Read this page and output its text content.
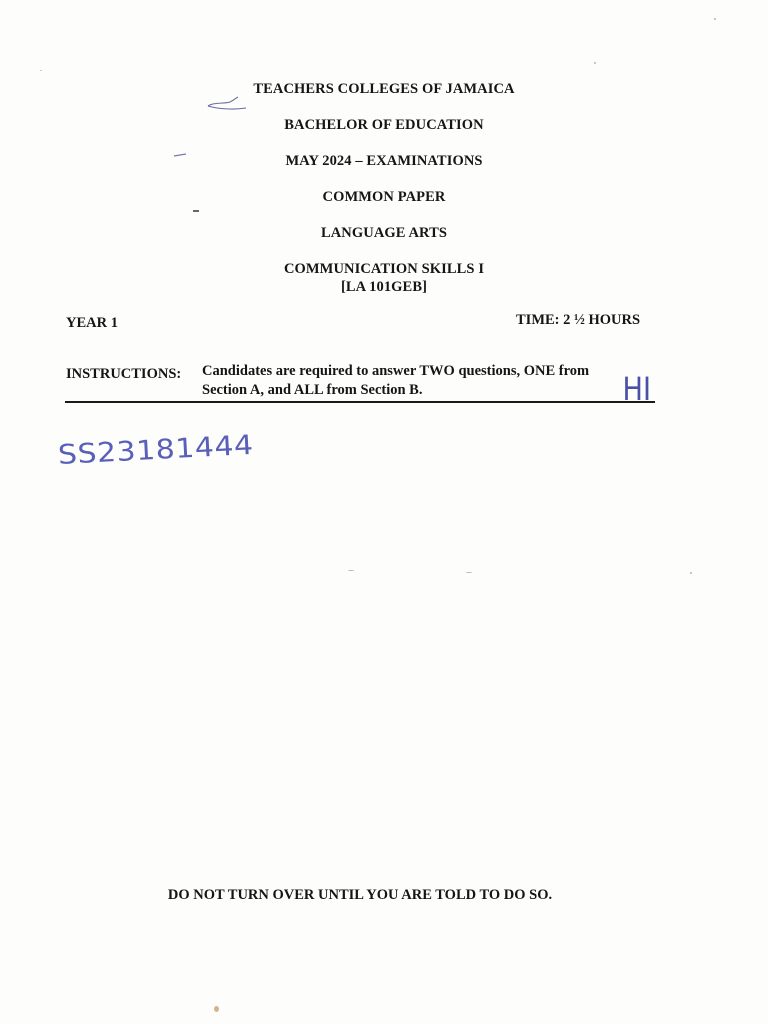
TEACHERS COLLEGES OF JAMAICA
BACHELOR OF EDUCATION
MAY 2024 – EXAMINATIONS
COMMON PAPER
LANGUAGE ARTS
COMMUNICATION SKILLS I
[LA 101GEB]
YEAR 1	TIME: 2 ½ HOURS
INSTRUCTIONS: Candidates are required to answer TWO questions, ONE from Section A, and ALL from Section B.	HI
SS23181444
DO NOT TURN OVER UNTIL YOU ARE TOLD TO DO SO.
